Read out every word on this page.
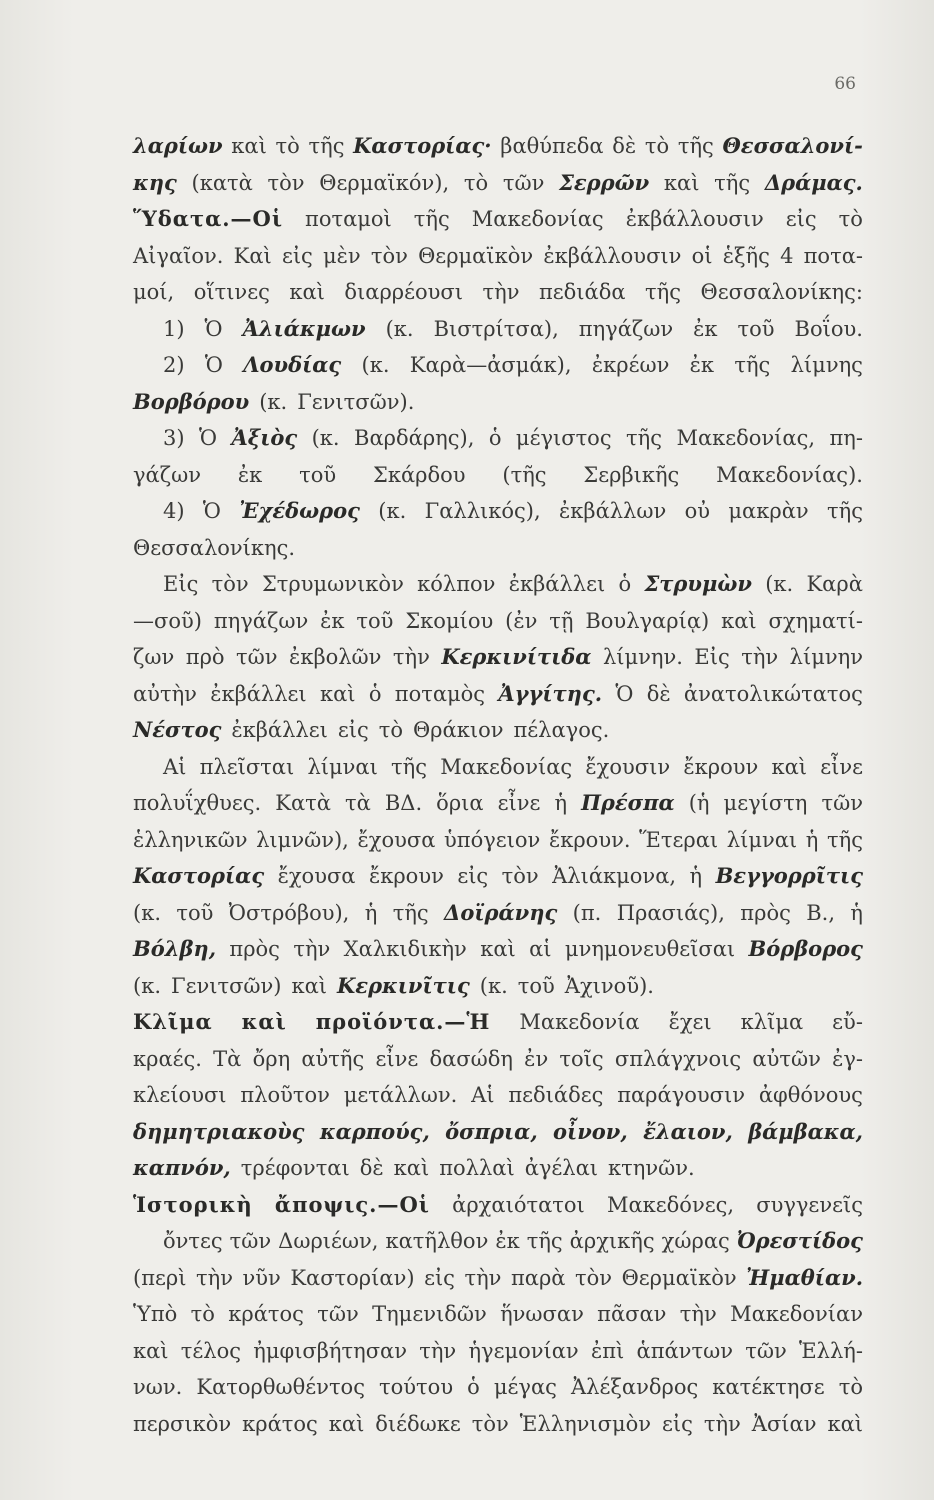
66
λαρίων καὶ τὸ τῆς Καστορίας· βαθύπεδα δὲ τὸ τῆς Θεσσαλονί-
κης (κατὰ τὸν Θερμαϊκόν), τὸ τῶν Σερρῶν καὶ τῆς Δράμας.
Ὕδατα.—Οἱ ποταμοὶ τῆς Μακεδονίας ἐκβάλλουσιν εἰς τὸ
Αἰγαῖον. Καὶ εἰς μὲν τὸν Θερμαϊκὸν ἐκβάλλουσιν οἱ ἑξῆς 4 ποτα-
μοί, οἵτινες καὶ διαρρέουσι τὴν πεδιάδα τῆς Θεσσαλονίκης:
1) Ὁ Ἀλιάκμων (κ. Βιστρίτσα), πηγάζων ἐκ τοῦ Βοΐου.
2) Ὁ Λουδίας (κ. Καρὰ—ἀσμάκ), ἐκρέων ἐκ τῆς λίμνης
Βορβόρου (κ. Γενιτσῶν).
3) Ὁ Ἀξιὸς (κ. Βαρδάρης), ὁ μέγιστος τῆς Μακεδονίας, πη-
γάζων ἐκ τοῦ Σκάρδου (τῆς Σερβικῆς Μακεδονίας).
4) Ὁ Ἐχέδωρος (κ. Γαλλικός), ἐκβάλλων οὐ μακρὰν τῆς
Θεσσαλονίκης.
Εἰς τὸν Στρυμωνικὸν κόλπον ἐκβάλλει ὁ Στρυμὼν (κ. Καρὰ
—σοῦ) πηγάζων ἐκ τοῦ Σκομίου (ἐν τῇ Βουλγαρίᾳ) καὶ σχηματί-
ζων πρὸ τῶν ἐκβολῶν τὴν Κερκινίτιδα λίμνην. Εἰς τὴν λίμνην
αὐτὴν ἐκβάλλει καὶ ὁ ποταμὸς Ἀγγίτης. Ὁ δὲ ἀνατολικώτατος
Νέστος ἐκβάλλει εἰς τὸ Θράκιον πέλαγος.
Αἱ πλεῖσται λίμναι τῆς Μακεδονίας ἔχουσιν ἔκρουν καὶ εἶνε
πολυΐχθυες. Κατὰ τὰ ΒΔ. ὅρια εἶνε ἡ Πρέσπα (ἡ μεγίστη τῶν
ἑλληνικῶν λιμνῶν), ἔχουσα ὑπόγειον ἔκρουν. Ἕτεραι λίμναι ἡ τῆς
Καστορίας ἔχουσα ἔκρουν εἰς τὸν Ἀλιάκμονα, ἡ Βεγγορρῖτις
(κ. τοῦ Ὀστρόβου), ἡ τῆς Δοϊράνης (π. Πρασιάς), πρὸς Β., ἡ
Βόλβη, πρὸς τὴν Χαλκιδικὴν καὶ αἱ μνημονευθεῖσαι Βόρβορος
(κ. Γενιτσῶν) καὶ Κερκινῖτις (κ. τοῦ Ἀχινοῦ).
Κλῖμα καὶ προϊόντα.—Ἡ Μακεδονία ἔχει κλῖμα εὔ-
κραές. Τὰ ὄρη αὐτῆς εἶνε δασώδη ἐν τοῖς σπλάγχνοις αὐτῶν ἐγ-
κλείουσι πλοῦτον μετάλλων. Αἱ πεδιάδες παράγουσιν ἀφθόνους
δημητριακοὺς καρπούς, ὄσπρια, οἶνον, ἔλαιον, βάμβακα,
καπνόν, τρέφονται δὲ καὶ πολλαὶ ἀγέλαι κτηνῶν.
Ἱστορικὴ ἄποψις.—Οἱ ἀρχαιότατοι Μακεδόνες, συγγενεῖς
ὄντες τῶν Δωριέων, κατῆλθον ἐκ τῆς ἀρχικῆς χώρας Ὀρεστίδος
(περὶ τὴν νῦν Καστορίαν) εἰς τὴν παρὰ τὸν Θερμαϊκὸν Ἠμαθίαν.
Ὑπὸ τὸ κράτος τῶν Τημενιδῶν ἥνωσαν πᾶσαν τὴν Μακεδονίαν
καὶ τέλος ἠμφισβήτησαν τὴν ἡγεμονίαν ἐπὶ ἁπάντων τῶν Ἑλλή-
νων. Κατορθωθέντος τούτου ὁ μέγας Ἀλέξανδρος κατέκτησε τὸ
περσικὸν κράτος καὶ διέδωκε τὸν Ἑλληνισμὸν εἰς τὴν Ἀσίαν καὶ
